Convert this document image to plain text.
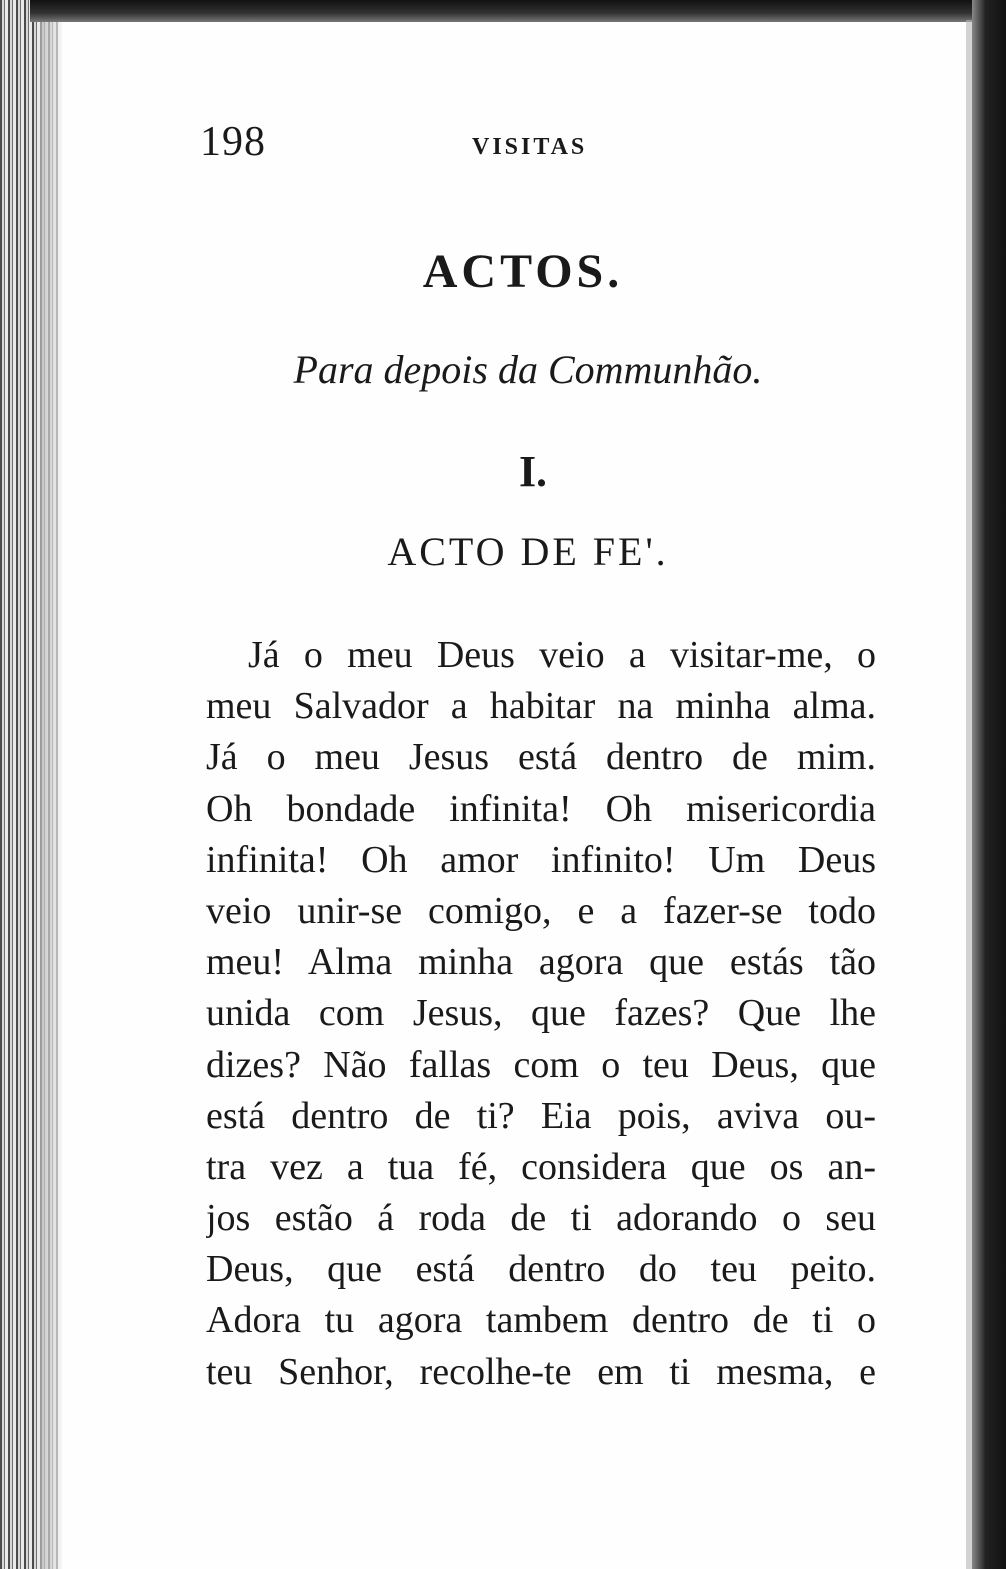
198	VISITAS
ACTOS.
Para depois da Communhão.
I.
ACTO DE FE'.
Já o meu Deus veio a visitar-me, o
meu Salvador a habitar na minha alma.
Já o meu Jesus está dentro de mim.
Oh bondade infinita! Oh misericordia
infinita! Oh amor infinito! Um Deus
veio unir-se comigo, e a fazer-se todo
meu! Alma minha agora que estás tão
unida com Jesus, que fazes? Que lhe
dizes? Não fallas com o teu Deus, que
está dentro de ti? Eia pois, aviva ou-
tra vez a tua fé, considera que os an-
jos estão á roda de ti adorando o seu
Deus, que está dentro do teu peito.
Adora tu agora tambem dentro de ti o
teu Senhor, recolhe-te em ti mesma, e
